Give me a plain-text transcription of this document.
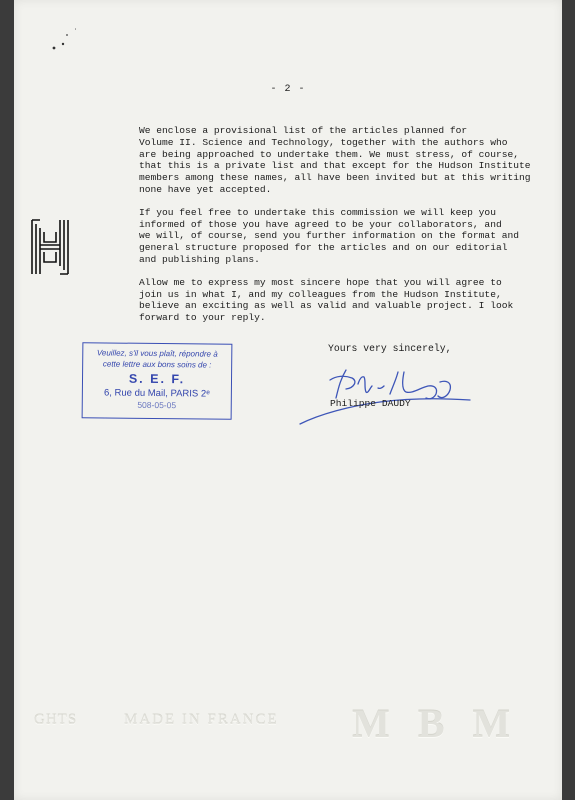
- 2 -

We enclose a provisional list of the articles planned for
Volume II. Science and Technology, together with the authors who
are being approached to undertake them. We must stress, of course,
that this is a private list and that except for the Hudson Institute
members among these names, all have been invited but at this writing
none have yet accepted.

If you feel free to undertake this commission we will keep you
informed of those you have agreed to be your collaborators, and
we will, of course, send you further information on the format and
general structure proposed for the articles and on our editorial
and publishing plans.

Allow me to express my most sincere hope that you will agree to
join us in what I, and my colleagues from the Hudson Institute,
believe an exciting as well as valid and valuable project. I look
forward to your reply.

Veuillez, s'il vous plaît, répondre à
cette lettre aux bons soins de :
S. E. F.
6, Rue du Mail, PARIS 2ᵉ
508-05-05
Yours very sincerely,
Philippe DAUDY
GHTS	MADE IN FRANCE MBM
